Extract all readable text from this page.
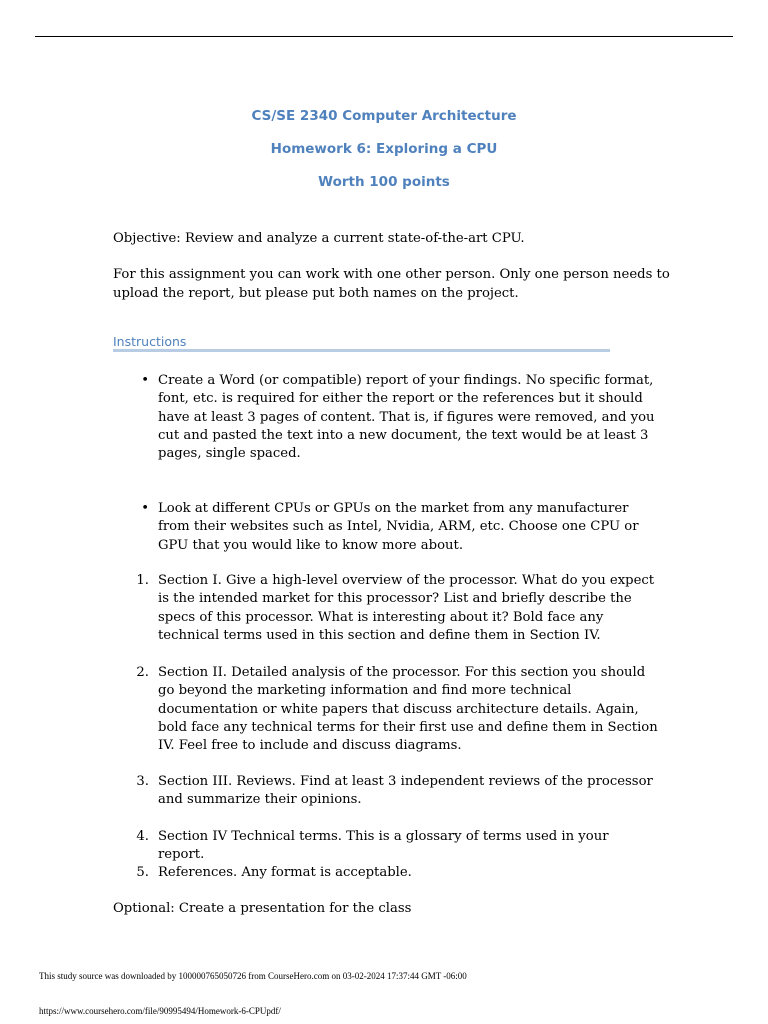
CS/SE 2340 Computer Architecture
Homework 6: Exploring a CPU
Worth 100 points
Objective: Review and analyze a current state-of-the-art CPU.
For this assignment you can work with one other person. Only one person needs to upload the report, but please put both names on the project.
Instructions
• Create a Word (or compatible) report of your findings. No specific format, font, etc. is required for either the report or the references but it should have at least 3 pages of content. That is, if figures were removed, and you cut and pasted the text into a new document, the text would be at least 3 pages, single spaced.
• Look at different CPUs or GPUs on the market from any manufacturer from their websites such as Intel, Nvidia, ARM, etc. Choose one CPU or GPU that you would like to know more about.
1. Section I. Give a high-level overview of the processor. What do you expect is the intended market for this processor? List and briefly describe the specs of this processor. What is interesting about it? Bold face any technical terms used in this section and define them in Section IV.
2. Section II. Detailed analysis of the processor. For this section you should go beyond the marketing information and find more technical documentation or white papers that discuss architecture details. Again, bold face any technical terms for their first use and define them in Section IV. Feel free to include and discuss diagrams.
3. Section III. Reviews. Find at least 3 independent reviews of the processor and summarize their opinions.
4. Section IV Technical terms. This is a glossary of terms used in your report.
5. References. Any format is acceptable.
Optional: Create a presentation for the class
This study source was downloaded by 100000765050726 from CourseHero.com on 03-02-2024 17:37:44 GMT -06:00
https://www.coursehero.com/file/90995494/Homework-6-CPUpdf/
